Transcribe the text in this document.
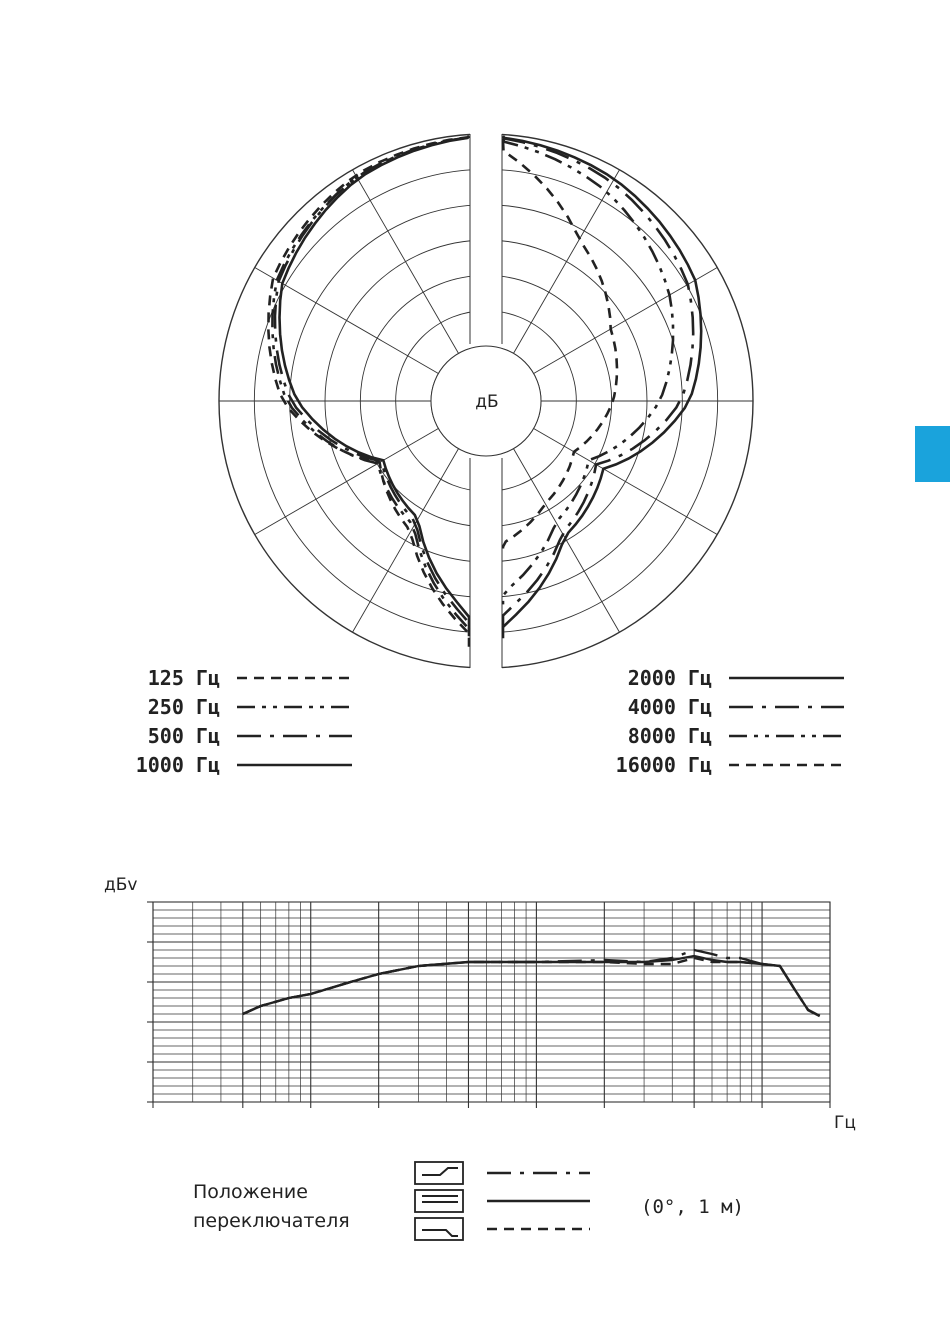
дБ
125 Гц
250 Гц
500 Гц
1000 Гц
2000 Гц
4000 Гц
8000 Гц
16000 Гц
дБv
Гц
Положение
переключателя
(0°, 1 м)
